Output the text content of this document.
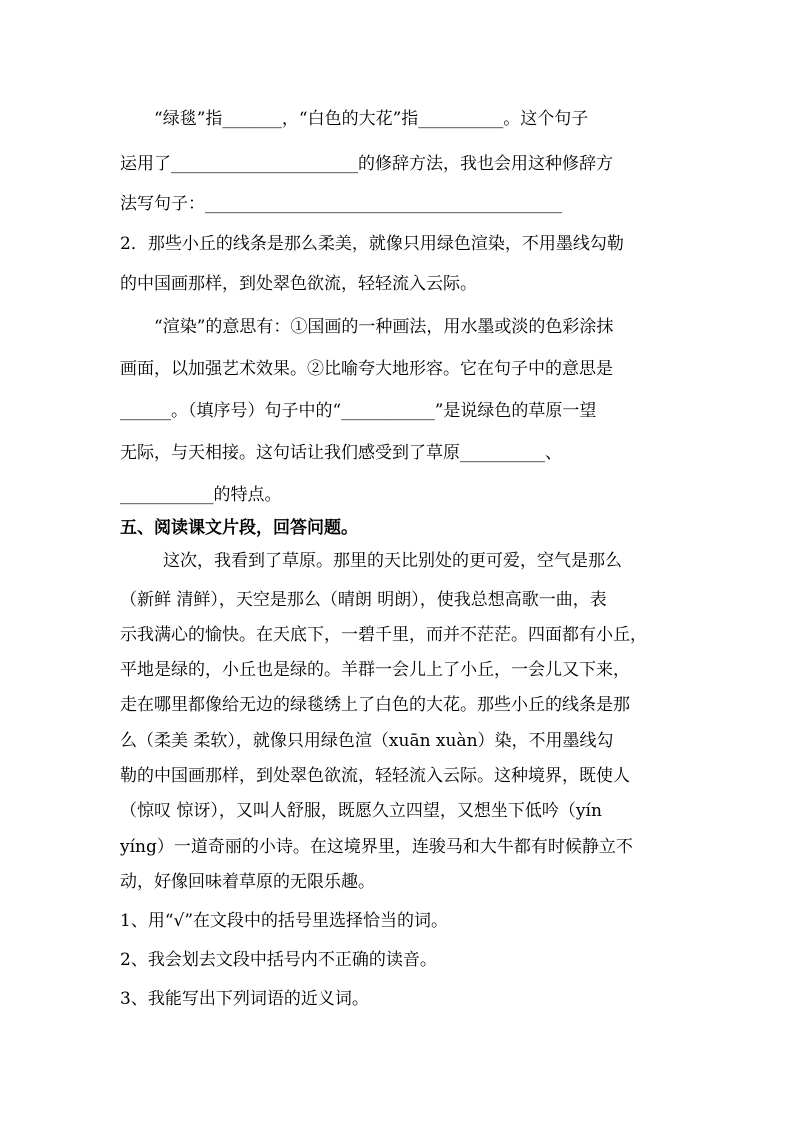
“绿毯”指_______，“白色的大花”指__________。这个句子
运用了______________________的修辞方法，我也会用这种修辞方
法写句子：__________________________________________
2．那些小丘的线条是那么柔美，就像只用绿色渲染，不用墨线勾勒
的中国画那样，到处翠色欲流，轻轻流入云际。
“渲染”的意思有：①国画的一种画法，用水墨或淡的色彩涂抹
画面，以加强艺术效果。②比喻夸大地形容。它在句子中的意思是
______。（填序号）句子中的“___________”是说绿色的草原一望
无际，与天相接。这句话让我们感受到了草原__________、
___________的特点。
五、阅读课文片段，回答问题。
这次，我看到了草原。那里的天比别处的更可爱，空气是那么
（新鲜 清鲜），天空是那么（晴朗 明朗），使我总想高歌一曲，表
示我满心的愉快。在天底下，一碧千里，而并不茫茫。四面都有小丘，
平地是绿的，小丘也是绿的。羊群一会儿上了小丘，一会儿又下来，
走在哪里都像给无边的绿毯绣上了白色的大花。那些小丘的线条是那
么（柔美 柔软），就像只用绿色渲（xuān xuàn）染，不用墨线勾
勒的中国画那样，到处翠色欲流，轻轻流入云际。这种境界，既使人
（惊叹 惊讶），又叫人舒服，既愿久立四望，又想坐下低吟（yín
yíng）一道奇丽的小诗。在这境界里，连骏马和大牛都有时候静立不
动，好像回味着草原的无限乐趣。
1、用“√”在文段中的括号里选择恰当的词。
2、我会划去文段中括号内不正确的读音。
3、我能写出下列词语的近义词。
